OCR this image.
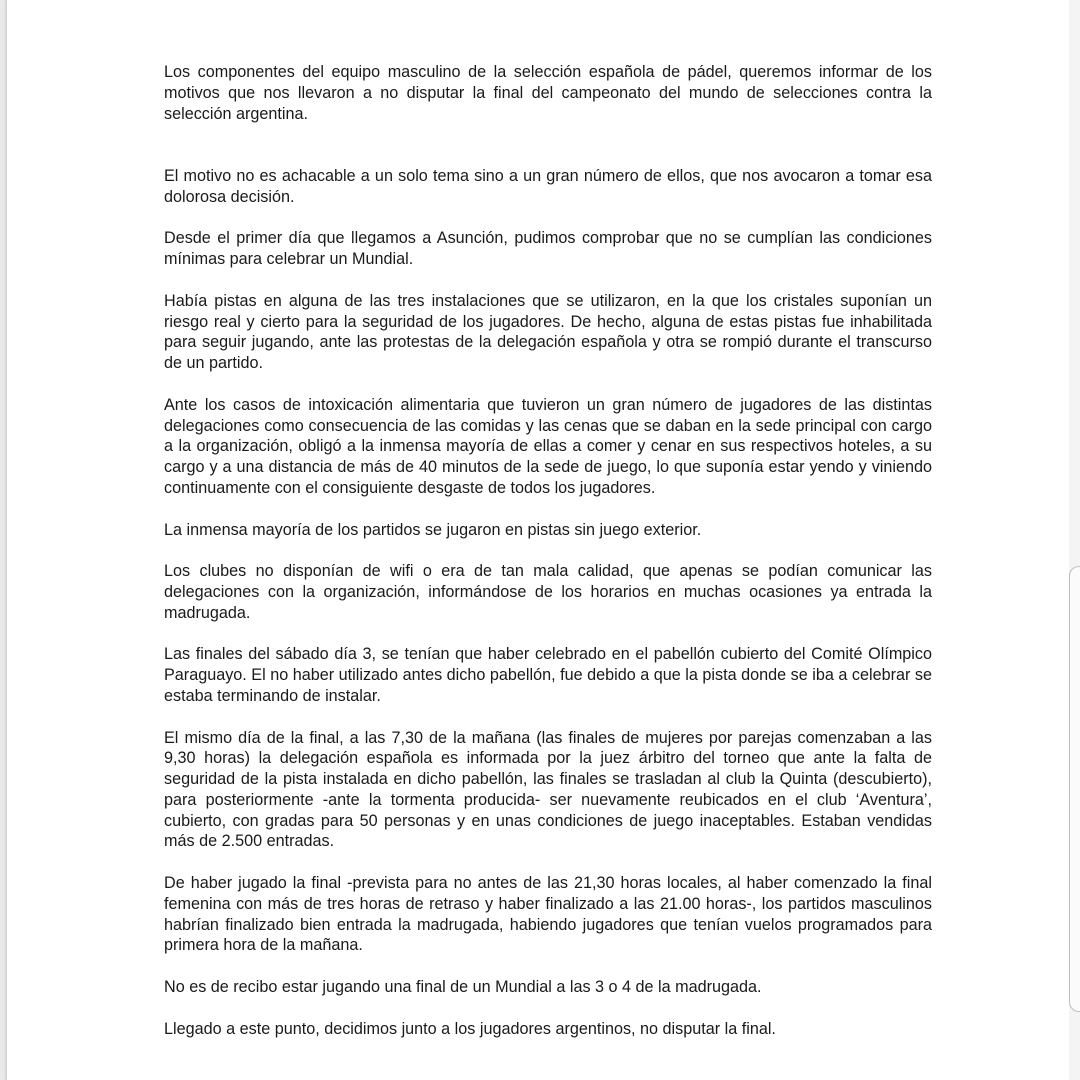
Los componentes del equipo masculino de la selección española de pádel, queremos informar de los motivos que nos llevaron a no disputar la final del campeonato del mundo de selecciones contra la selección argentina.

El motivo no es achacable a un solo tema sino a un gran número de ellos, que nos avocaron a tomar esa dolorosa decisión.

Desde el primer día que llegamos a Asunción, pudimos comprobar que no se cumplían las condiciones mínimas para celebrar un Mundial.

Había pistas en alguna de las tres instalaciones que se utilizaron, en la que los cristales suponían un riesgo real y cierto para la seguridad de los jugadores. De hecho, alguna de estas pistas fue inhabilitada para seguir jugando, ante las protestas de la delegación española y otra se rompió durante el transcurso de un partido.

Ante los casos de intoxicación alimentaria que tuvieron un gran número de jugadores de las distintas delegaciones como consecuencia de las comidas y las cenas que se daban en la sede principal con cargo a la organización, obligó a la inmensa mayoría de ellas a comer y cenar en sus respectivos hoteles, a su cargo y a una distancia de más de 40 minutos de la sede de juego, lo que suponía estar yendo y viniendo continuamente con el consiguiente desgaste de todos los jugadores.

La inmensa mayoría de los partidos se jugaron en pistas sin juego exterior.

Los clubes no disponían de wifi o era de tan mala calidad, que apenas se podían comunicar las delegaciones con la organización, informándose de los horarios en muchas ocasiones ya entrada la madrugada.

Las finales del sábado día 3, se tenían que haber celebrado en el pabellón cubierto del Comité Olímpico Paraguayo. El no haber utilizado antes dicho pabellón, fue debido a que la pista donde se iba a celebrar se estaba terminando de instalar.

El mismo día de la final, a las 7,30 de la mañana (las finales de mujeres por parejas comenzaban a las 9,30 horas) la delegación española es informada por la juez árbitro del torneo que ante la falta de seguridad de la pista instalada en dicho pabellón, las finales se trasladan al club la Quinta (descubierto), para posteriormente -ante la tormenta producida- ser nuevamente reubicados en el club ‘Aventura’, cubierto, con gradas para 50 personas y en unas condiciones de juego inaceptables. Estaban vendidas más de 2.500 entradas.

De haber jugado la final -prevista para no antes de las 21,30 horas locales, al haber comenzado la final femenina con más de tres horas de retraso y haber finalizado a las 21.00 horas-, los partidos masculinos habrían finalizado bien entrada la madrugada, habiendo jugadores que tenían vuelos programados para primera hora de la mañana.

No es de recibo estar jugando una final de un Mundial a las 3 o 4 de la madrugada.

Llegado a este punto, decidimos junto a los jugadores argentinos, no disputar la final.
